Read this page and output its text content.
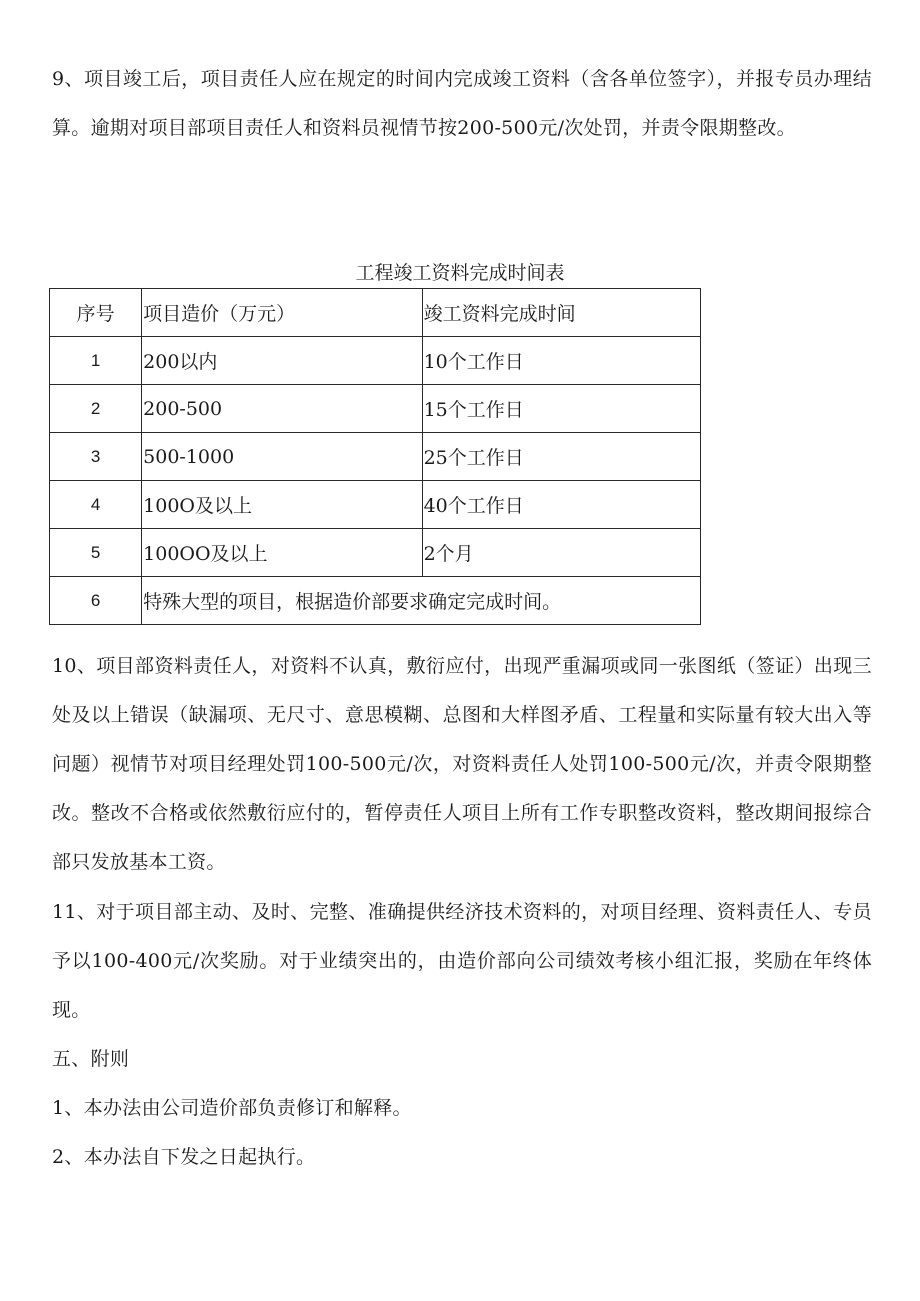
9、项目竣工后，项目责任人应在规定的时间内完成竣工资料（含各单位签字），并报专员办理结算。逾期对项目部项目责任人和资料员视情节按200-500元/次处罚，并责令限期整改。

工程竣工资料完成时间表

序号	项目造价（万元）	竣工资料完成时间
1	200以内	10个工作日
2	200-500	15个工作日
3	500-1000	25个工作日
4	100O及以上	40个工作日
5	100OO及以上	2个月
6	特殊大型的项目，根据造价部要求确定完成时间。	

10、项目部资料责任人，对资料不认真，敷衍应付，出现严重漏项或同一张图纸（签证）出现三处及以上错误（缺漏项、无尺寸、意思模糊、总图和大样图矛盾、工程量和实际量有较大出入等问题）视情节对项目经理处罚100-500元/次，对资料责任人处罚100-500元/次，并责令限期整改。整改不合格或依然敷衍应付的，暂停责任人项目上所有工作专职整改资料，整改期间报综合部只发放基本工资。

11、对于项目部主动、及时、完整、准确提供经济技术资料的，对项目经理、资料责任人、专员予以100-400元/次奖励。对于业绩突出的，由造价部向公司绩效考核小组汇报，奖励在年终体现。

五、附则

1、本办法由公司造价部负责修订和解释。

2、本办法自下发之日起执行。
